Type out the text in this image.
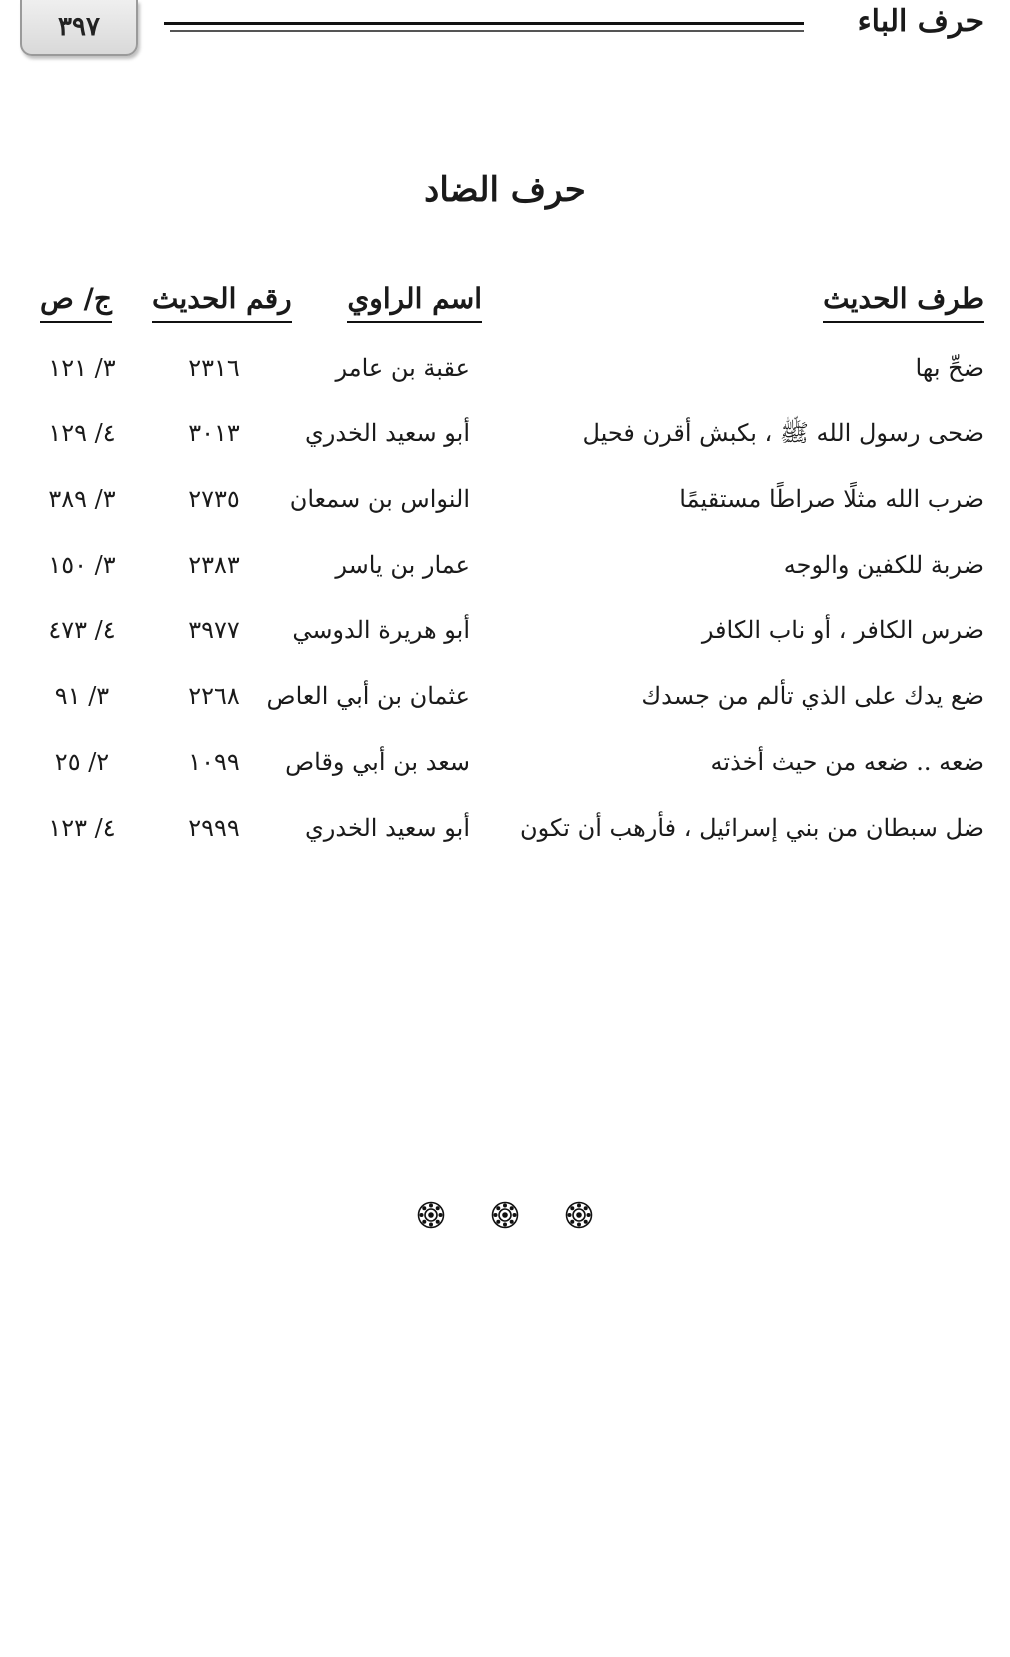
٣٩٧	حرف الباء
حرف الضاد
طرف الحديث
اسم الراوي
رقم الحديث
ج/ ص
ضحِّ بها
عقبة بن عامر
٢٣١٦
٣/ ١٢١
ضحى رسول الله ﷺ ، بكبش أقرن فحيل
أبو سعيد الخدري
٣٠١٣
٤/ ١٢٩
ضرب الله مثلًا صراطًا مستقيمًا
النواس بن سمعان
٢٧٣٥
٣/ ٣٨٩
ضربة للكفين والوجه
عمار بن ياسر
٢٣٨٣
٣/ ١٥٠
ضرس الكافر ، أو ناب الكافر
أبو هريرة الدوسي
٣٩٧٧
٤/ ٤٧٣
ضع يدك على الذي تألم من جسدك
عثمان بن أبي العاص
٢٢٦٨
٣/ ٩١
ضعه .. ضعه من حيث أخذته
سعد بن أبي وقاص
١٠٩٩
٢/ ٢٥
ضل سبطان من بني إسرائيل ، فأرهب أن تكون
أبو سعيد الخدري
٢٩٩٩
٤/ ١٢٣
